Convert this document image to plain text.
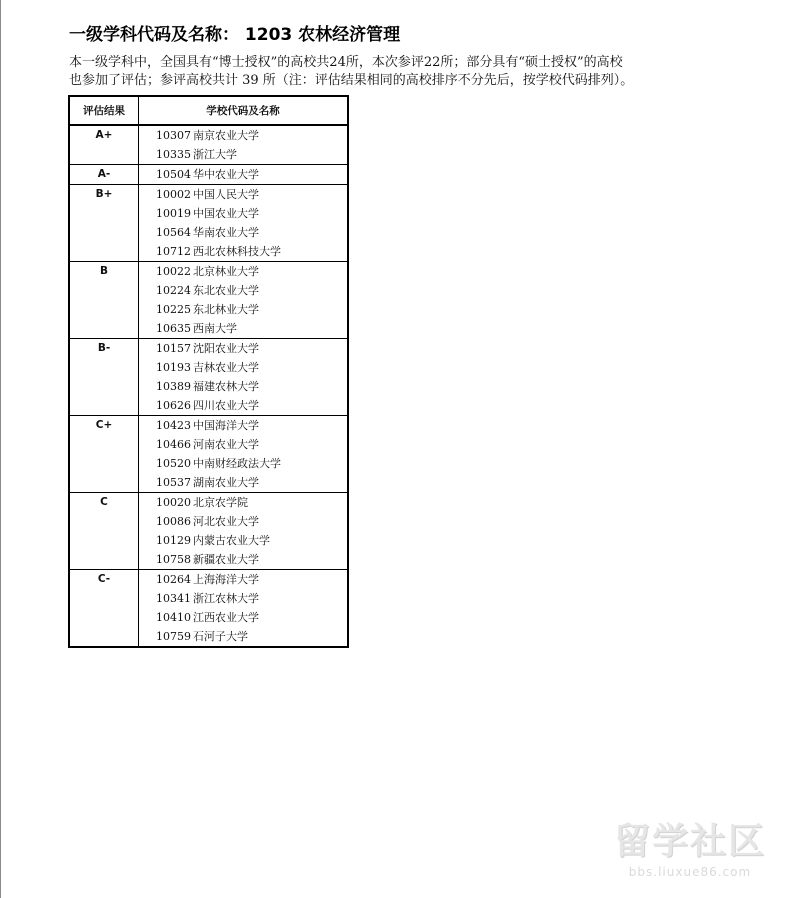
一级学科代码及名称： 1203 农林经济管理

本一级学科中，全国具有“博士授权”的高校共24所，本次参评22所；部分具有“硕士授权”的高校

也参加了评估；参评高校共计 39 所（注：评估结果相同的高校排序不分先后，按学校代码排列）。

评估结果	学校代码及名称
A+	10307 南京农业大学
	10335 浙江大学
A-	10504 华中农业大学
B+	10002 中国人民大学
	10019 中国农业大学
	10564 华南农业大学
	10712 西北农林科技大学
B	10022 北京林业大学
	10224 东北农业大学
	10225 东北林业大学
	10635 西南大学
B-	10157 沈阳农业大学
	10193 吉林农业大学
	10389 福建农林大学
	10626 四川农业大学
C+	10423 中国海洋大学
	10466 河南农业大学
	10520 中南财经政法大学
	10537 湖南农业大学
C	10020 北京农学院
	10086 河北农业大学
	10129 内蒙古农业大学
	10758 新疆农业大学
C-	10264 上海海洋大学
	10341 浙江农林大学
	10410 江西农业大学
	10759 石河子大学
留学社区
bbs.liuxue86.com
